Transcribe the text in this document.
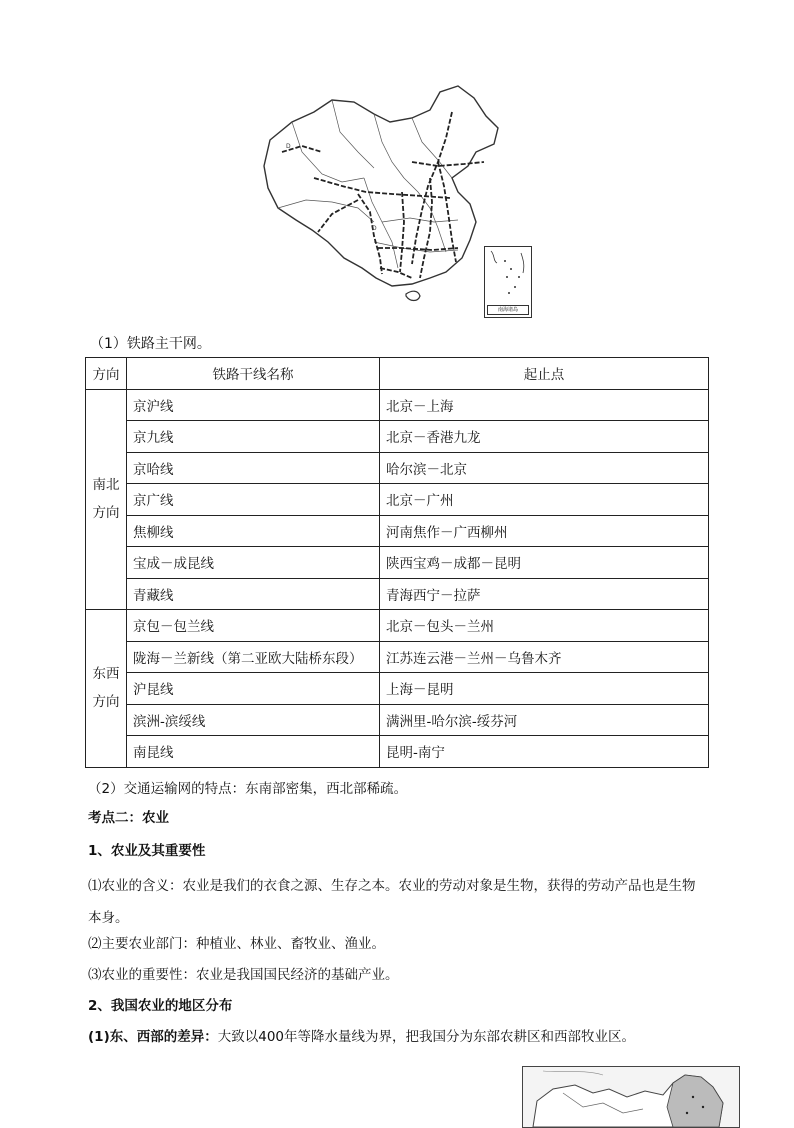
D
D
南海诸岛
（1）铁路主干网。
方向	铁路干线名称	起止点
南北
方向	京沪线	北京－上海
	京九线	北京－香港九龙
	京哈线	哈尔滨－北京
	京广线	北京－广州
	焦柳线	河南焦作－广西柳州
	宝成－成昆线	陕西宝鸡－成都－昆明
	青藏线	青海西宁－拉萨
东西
方向	京包－包兰线	北京－包头－兰州
	陇海－兰新线（第二亚欧大陆桥东段）	江苏连云港－兰州－乌鲁木齐
	沪昆线	上海－昆明
	滨洲-滨绥线	满洲里-哈尔滨-绥芬河
	南昆线	昆明-南宁
（2）交通运输网的特点：东南部密集，西北部稀疏。
考点二：农业
1、农业及其重要性
⑴农业的含义：农业是我们的衣食之源、生存之本。农业的劳动对象是生物，获得的劳动产品也是生物本身。
⑵主要农业部门：种植业、林业、畜牧业、渔业。
⑶农业的重要性：农业是我国国民经济的基础产业。
2、我国农业的地区分布
(1)东、西部的差异：大致以400年等降水量线为界，把我国分为东部农耕区和西部牧业区。
